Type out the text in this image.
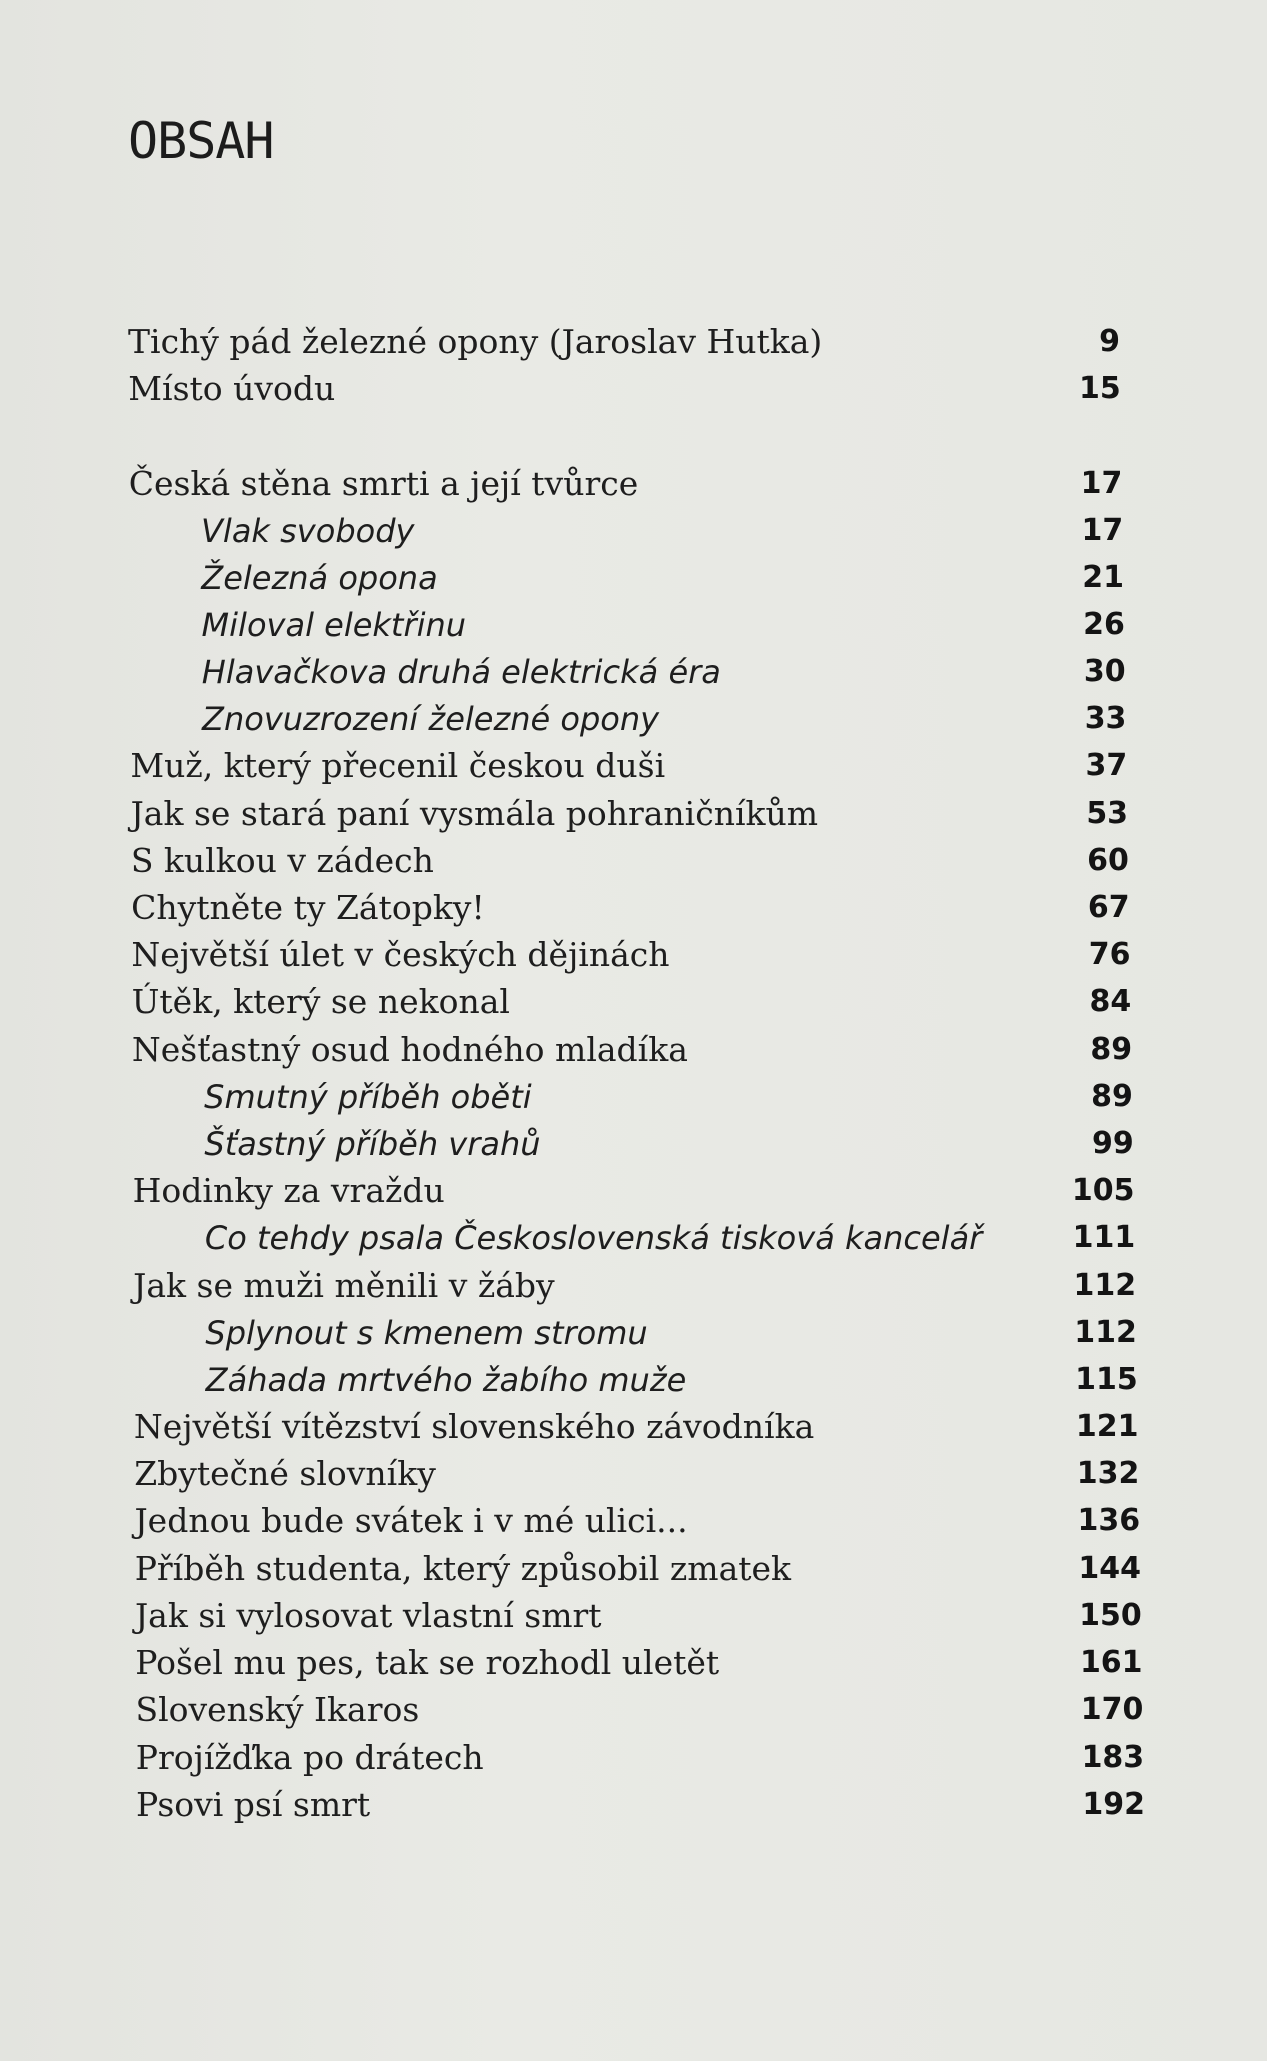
OBSAH
Tichý pád železné opony (Jaroslav Hutka)	9
Místo úvodu	15
Česká stěna smrti a její tvůrce	17
Vlak svobody	17
Železná opona	21
Miloval elektřinu	26
Hlavačkova druhá elektrická éra	30
Znovuzrození železné opony	33
Muž, který přecenil českou duši	37
Jak se stará paní vysmála pohraničníkům	53
S kulkou v zádech	60
Chytněte ty Zátopky!	67
Největší úlet v českých dějinách	76
Útěk, který se nekonal	84
Nešťastný osud hodného mladíka	89
Smutný příběh oběti	89
Šťastný příběh vrahů	99
Hodinky za vraždu	105
Co tehdy psala Československá tisková kancelář	111
Jak se muži měnili v žáby	112
Splynout s kmenem stromu	112
Záhada mrtvého žabího muže	115
Největší vítězství slovenského závodníka	121
Zbytečné slovníky	132
Jednou bude svátek i v mé ulici...	136
Příběh studenta, který způsobil zmatek	144
Jak si vylosovat vlastní smrt	150
Pošel mu pes, tak se rozhodl uletět	161
Slovenský Ikaros	170
Projížďka po drátech	183
Psovi psí smrt	192
